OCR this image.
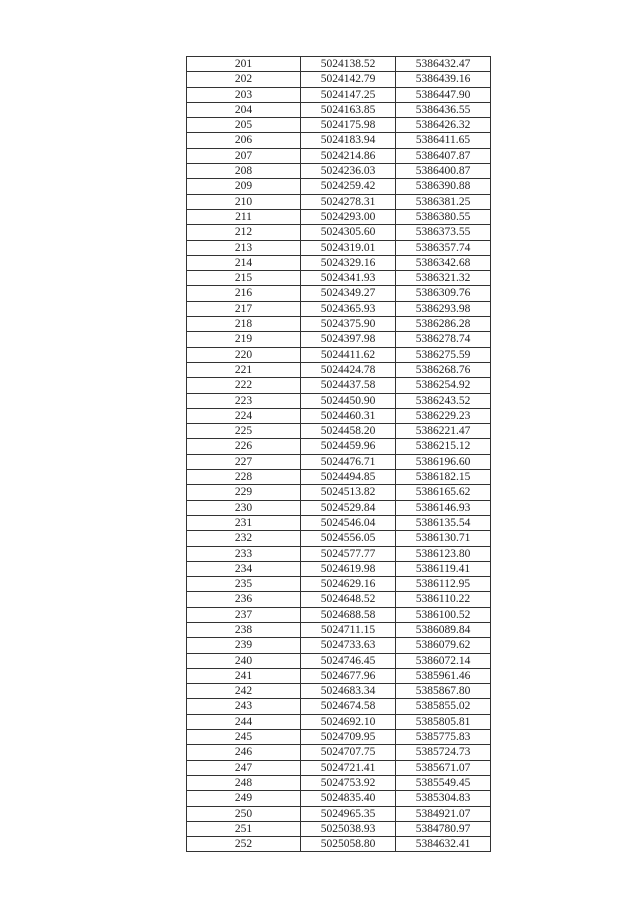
201	5024138.52	5386432.47
202	5024142.79	5386439.16
203	5024147.25	5386447.90
204	5024163.85	5386436.55
205	5024175.98	5386426.32
206	5024183.94	5386411.65
207	5024214.86	5386407.87
208	5024236.03	5386400.87
209	5024259.42	5386390.88
210	5024278.31	5386381.25
211	5024293.00	5386380.55
212	5024305.60	5386373.55
213	5024319.01	5386357.74
214	5024329.16	5386342.68
215	5024341.93	5386321.32
216	5024349.27	5386309.76
217	5024365.93	5386293.98
218	5024375.90	5386286.28
219	5024397.98	5386278.74
220	5024411.62	5386275.59
221	5024424.78	5386268.76
222	5024437.58	5386254.92
223	5024450.90	5386243.52
224	5024460.31	5386229.23
225	5024458.20	5386221.47
226	5024459.96	5386215.12
227	5024476.71	5386196.60
228	5024494.85	5386182.15
229	5024513.82	5386165.62
230	5024529.84	5386146.93
231	5024546.04	5386135.54
232	5024556.05	5386130.71
233	5024577.77	5386123.80
234	5024619.98	5386119.41
235	5024629.16	5386112.95
236	5024648.52	5386110.22
237	5024688.58	5386100.52
238	5024711.15	5386089.84
239	5024733.63	5386079.62
240	5024746.45	5386072.14
241	5024677.96	5385961.46
242	5024683.34	5385867.80
243	5024674.58	5385855.02
244	5024692.10	5385805.81
245	5024709.95	5385775.83
246	5024707.75	5385724.73
247	5024721.41	5385671.07
248	5024753.92	5385549.45
249	5024835.40	5385304.83
250	5024965.35	5384921.07
251	5025038.93	5384780.97
252	5025058.80	5384632.41
